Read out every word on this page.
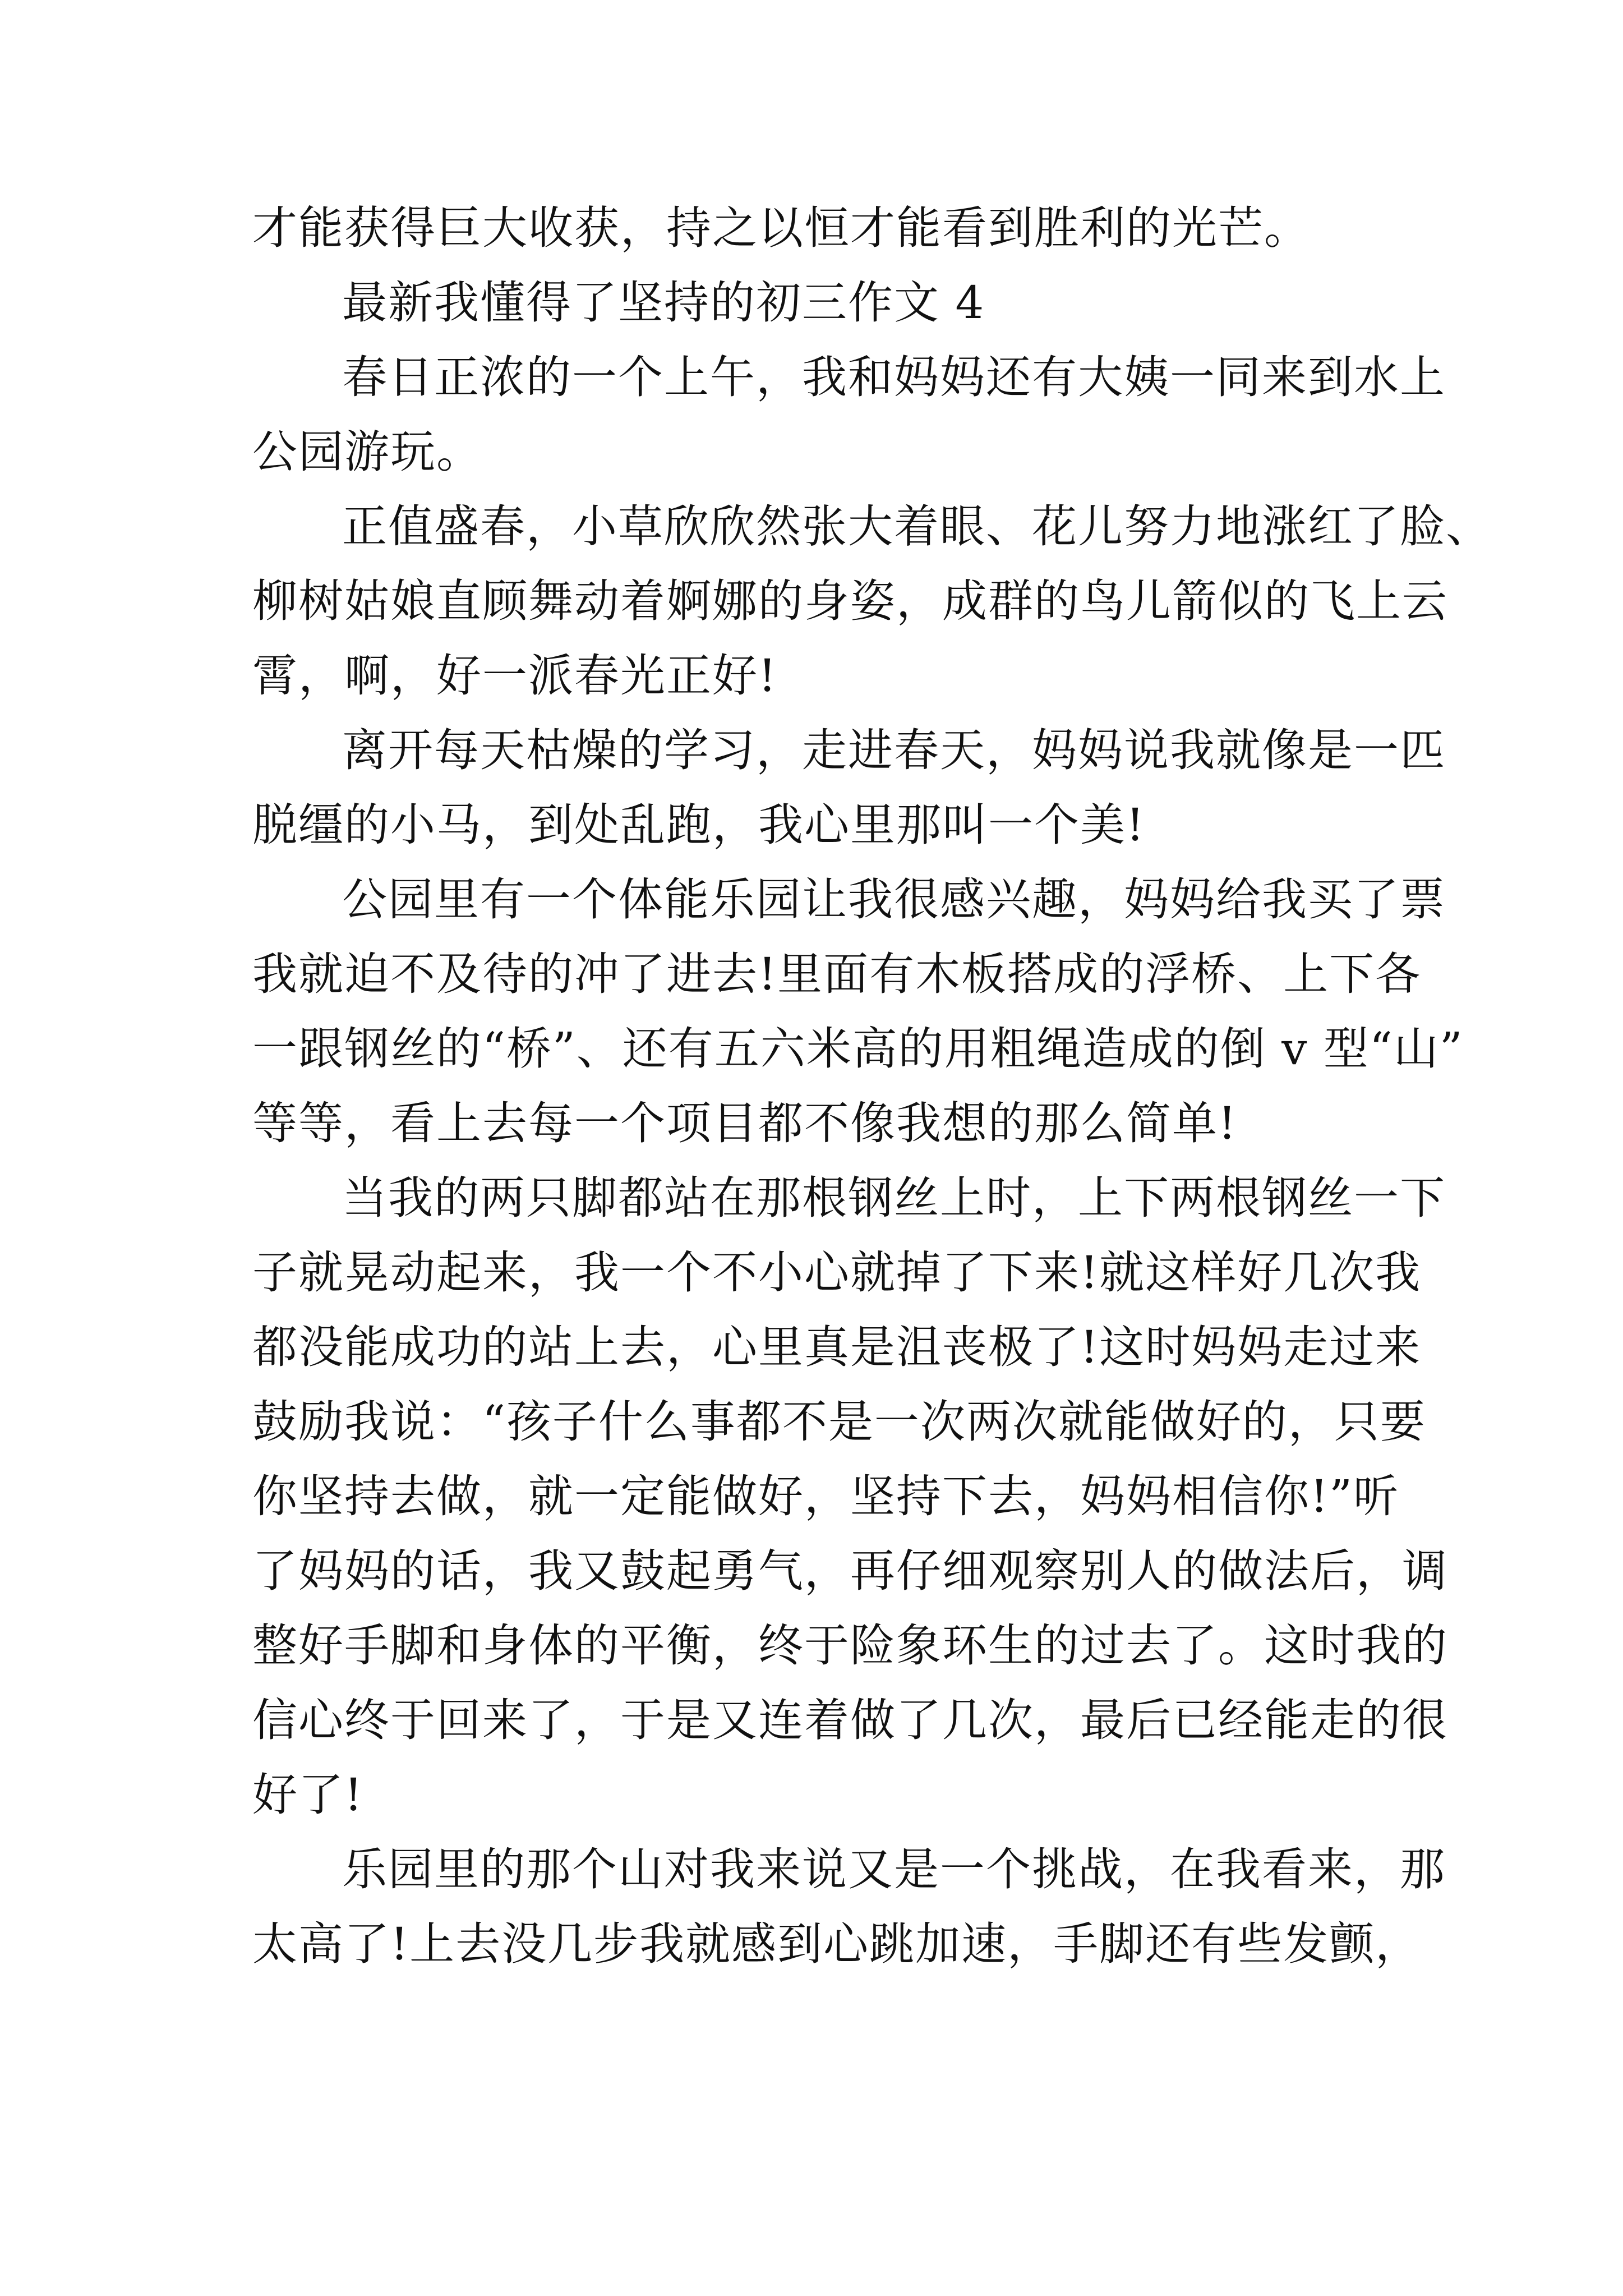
才能获得巨大收获，持之以恒才能看到胜利的光芒。
最新我懂得了坚持的初三作文 4
春日正浓的一个上午，我和妈妈还有大姨一同来到水上
公园游玩。
正值盛春，小草欣欣然张大着眼、花儿努力地涨红了脸、
柳树姑娘直顾舞动着婀娜的身姿，成群的鸟儿箭似的飞上云
霄，啊，好一派春光正好!
离开每天枯燥的学习，走进春天，妈妈说我就像是一匹
脱缰的小马，到处乱跑，我心里那叫一个美!
公园里有一个体能乐园让我很感兴趣，妈妈给我买了票
我就迫不及待的冲了进去!里面有木板搭成的浮桥、上下各
一跟钢丝的“桥”、还有五六米高的用粗绳造成的倒 v 型“山”
等等，看上去每一个项目都不像我想的那么简单!
当我的两只脚都站在那根钢丝上时，上下两根钢丝一下
子就晃动起来，我一个不小心就掉了下来!就这样好几次我
都没能成功的站上去，心里真是沮丧极了!这时妈妈走过来
鼓励我说：“孩子什么事都不是一次两次就能做好的，只要
你坚持去做，就一定能做好，坚持下去，妈妈相信你!”听
了妈妈的话，我又鼓起勇气，再仔细观察别人的做法后，调
整好手脚和身体的平衡，终于险象环生的过去了。这时我的
信心终于回来了，于是又连着做了几次，最后已经能走的很
好了!
乐园里的那个山对我来说又是一个挑战，在我看来，那
太高了!上去没几步我就感到心跳加速，手脚还有些发颤，
